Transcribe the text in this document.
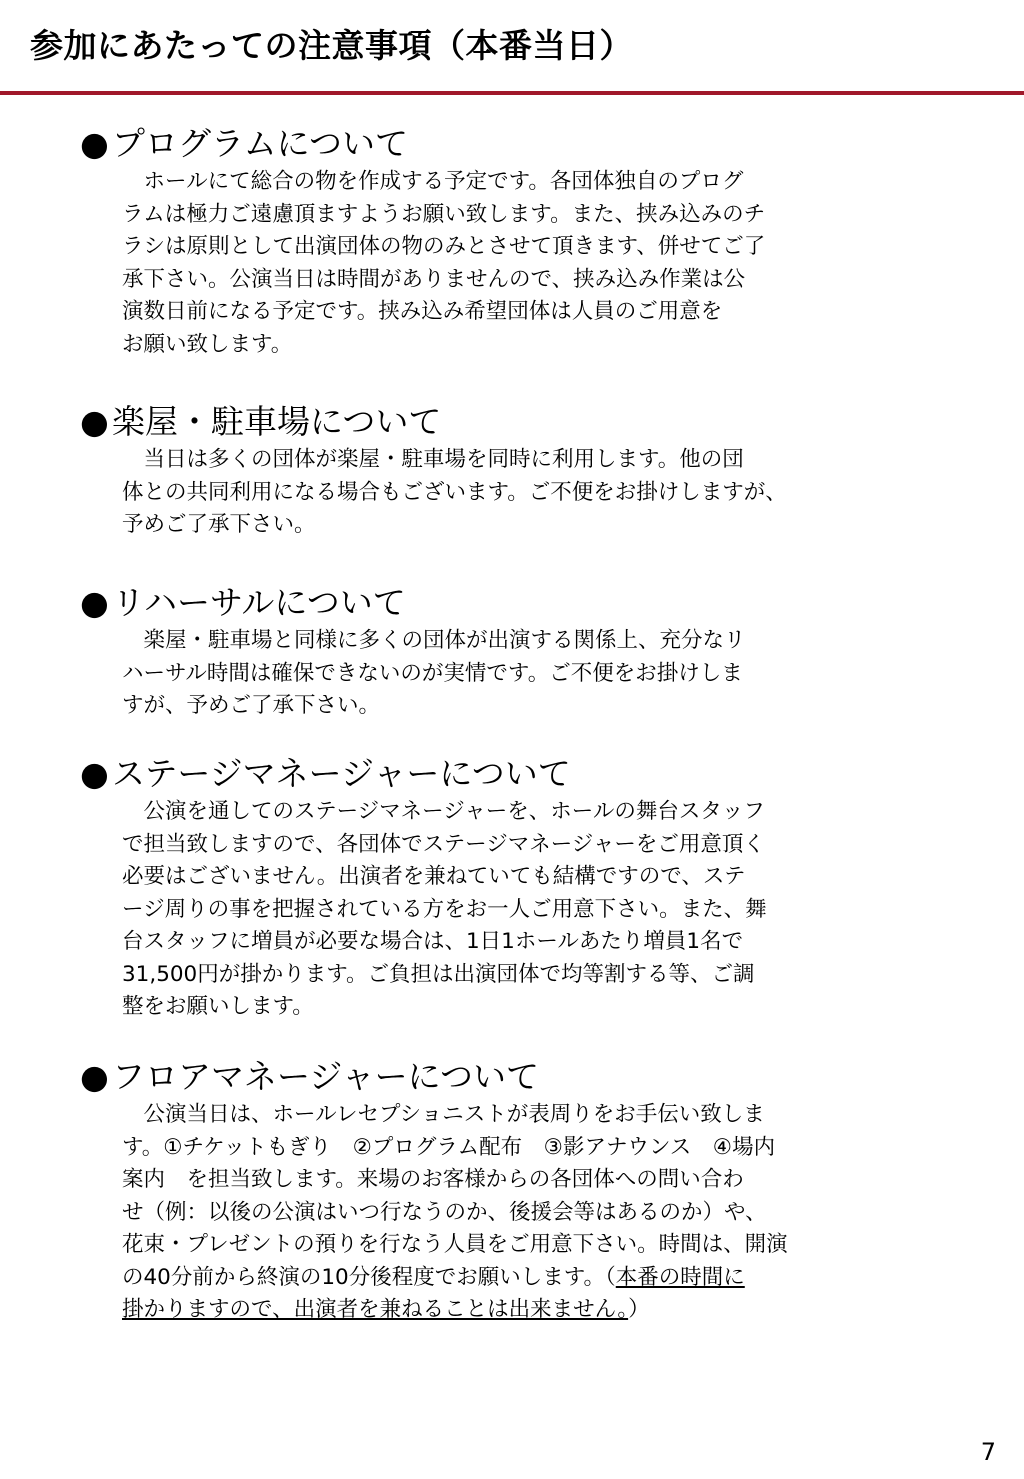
参加にあたっての注意事項（本番当日）
●プログラムについて
　ホールにて総合の物を作成する予定です。各団体独自のプログ
ラムは極力ご遠慮頂ますようお願い致します。また、挟み込みのチ
ラシは原則として出演団体の物のみとさせて頂きます、併せてご了
承下さい。公演当日は時間がありませんので、挟み込み作業は公
演数日前になる予定です。挟み込み希望団体は人員のご用意を
お願い致します。
●楽屋・駐車場について
　当日は多くの団体が楽屋・駐車場を同時に利用します。他の団
体との共同利用になる場合もございます。ご不便をお掛けしますが、
予めご了承下さい。
●リハーサルについて
　楽屋・駐車場と同様に多くの団体が出演する関係上、充分なリ
ハーサル時間は確保できないのが実情です。ご不便をお掛けしま
すが、予めご了承下さい。
●ステージマネージャーについて
　公演を通してのステージマネージャーを、ホールの舞台スタッフ
で担当致しますので、各団体でステージマネージャーをご用意頂く
必要はございません。出演者を兼ねていても結構ですので、ステ
ージ周りの事を把握されている方をお一人ご用意下さい。また、舞
台スタッフに増員が必要な場合は、1日1ホールあたり増員1名で
31,500円が掛かります。ご負担は出演団体で均等割する等、ご調
整をお願いします。
●フロアマネージャーについて
　公演当日は、ホールレセプショニストが表周りをお手伝い致しま
す。①チケットもぎり　②プログラム配布　③影アナウンス　④場内
案内　を担当致します。来場のお客様からの各団体への問い合わ
せ（例：以後の公演はいつ行なうのか、後援会等はあるのか）や、
花束・プレゼントの預りを行なう人員をご用意下さい。時間は、開演
の40分前から終演の10分後程度でお願いします。（本番の時間に
掛かりますので、出演者を兼ねることは出来ません。）
7
